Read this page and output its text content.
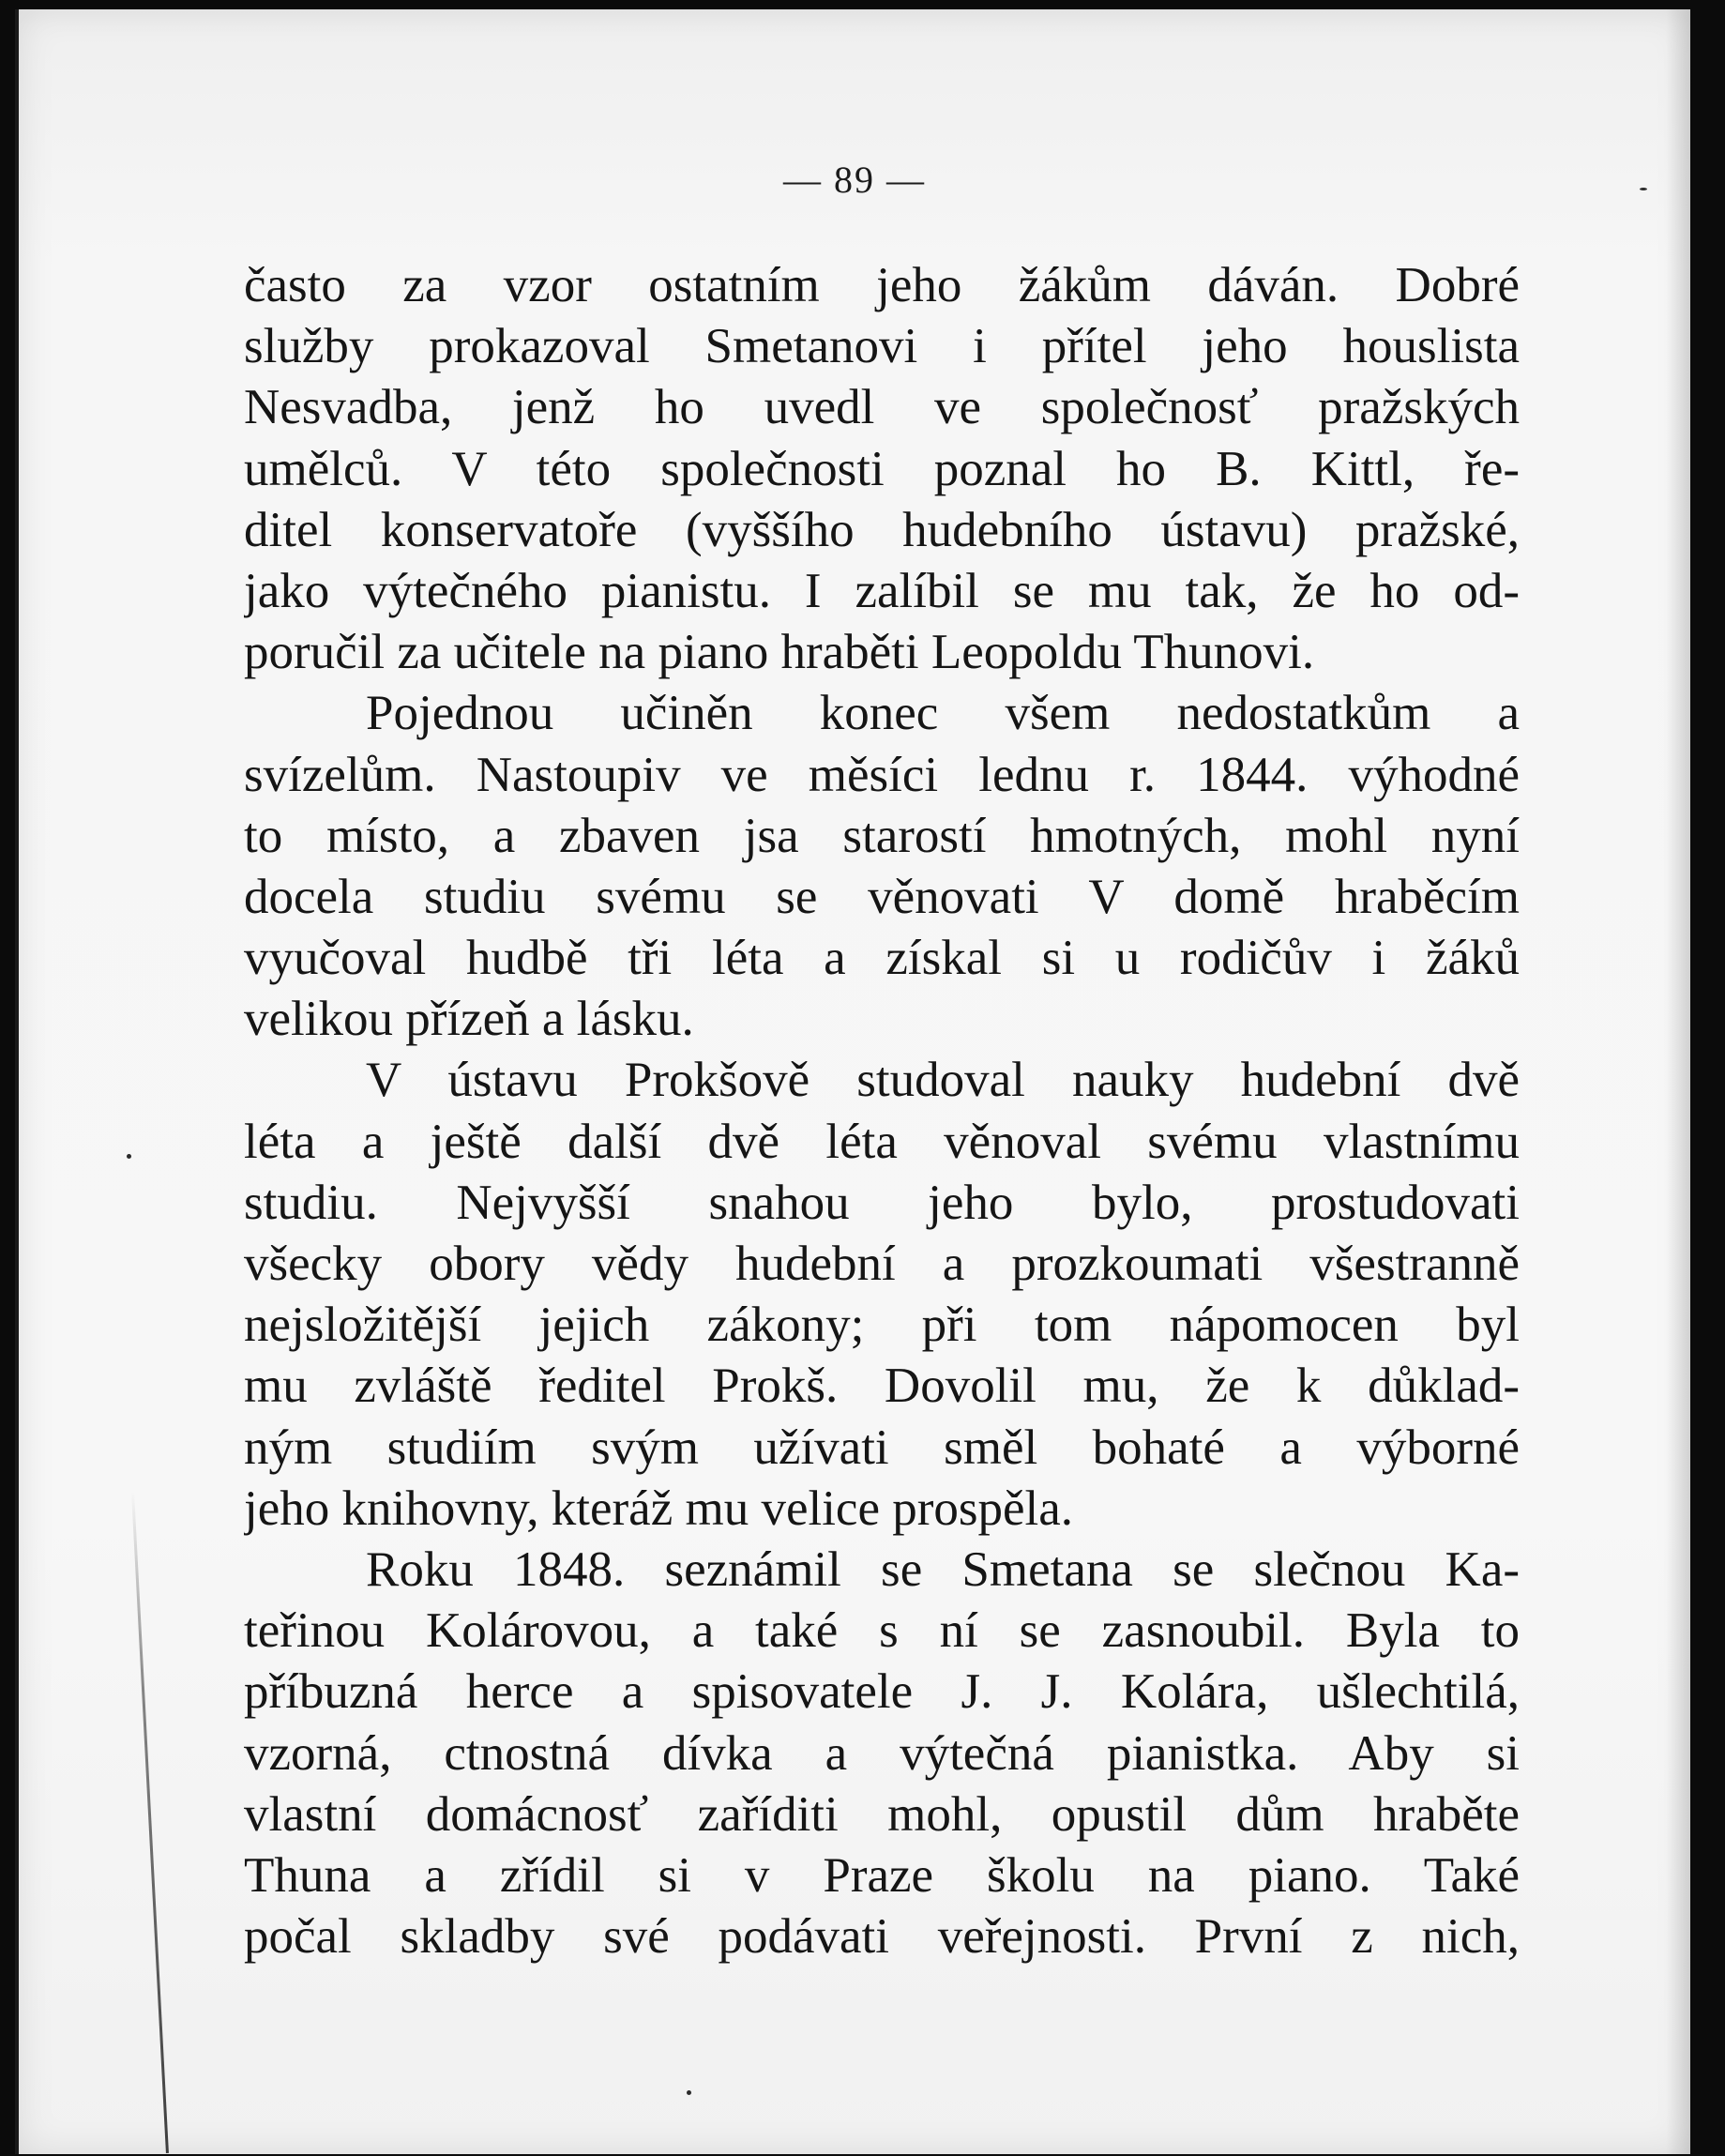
— 89 —
často za vzor ostatním jeho žákům dáván. Dobré
služby prokazoval Smetanovi i přítel jeho houslista
Nesvadba, jenž ho uvedl ve společnosť pražských
umělců. V této společnosti poznal ho B. Kittl, ře-
ditel konservatoře (vyššího hudebního ústavu) pražské,
jako výtečného pianistu. I zalíbil se mu tak, že ho od-
poručil za učitele na piano hraběti Leopoldu Thunovi.
Pojednou učiněn konec všem nedostatkům a
svízelům. Nastoupiv ve měsíci lednu r. 1844. výhodné
to místo, a zbaven jsa starostí hmotných, mohl nyní
docela studiu svému se věnovati V domě hraběcím
vyučoval hudbě tři léta a získal si u rodičův i žáků
velikou přízeň a lásku.
V ústavu Prokšově studoval nauky hudební dvě
léta a ještě další dvě léta věnoval svému vlastnímu
studiu. Nejvyšší snahou jeho bylo, prostudovati
všecky obory vědy hudební a prozkoumati všestranně
nejsložitější jejich zákony; při tom nápomocen byl
mu zvláště ředitel Prokš. Dovolil mu, že k důklad-
ným studiím svým užívati směl bohaté a výborné
jeho knihovny, kteráž mu velice prospěla.
Roku 1848. seznámil se Smetana se slečnou Ka-
teřinou Kolárovou, a také s ní se zasnoubil. Byla to
příbuzná herce a spisovatele J. J. Kolára, ušlechtilá,
vzorná, ctnostná dívka a výtečná pianistka. Aby si
vlastní domácnosť zaříditi mohl, opustil dům hraběte
Thuna a zřídil si v Praze školu na piano. Také
počal skladby své podávati veřejnosti. První z nich,
